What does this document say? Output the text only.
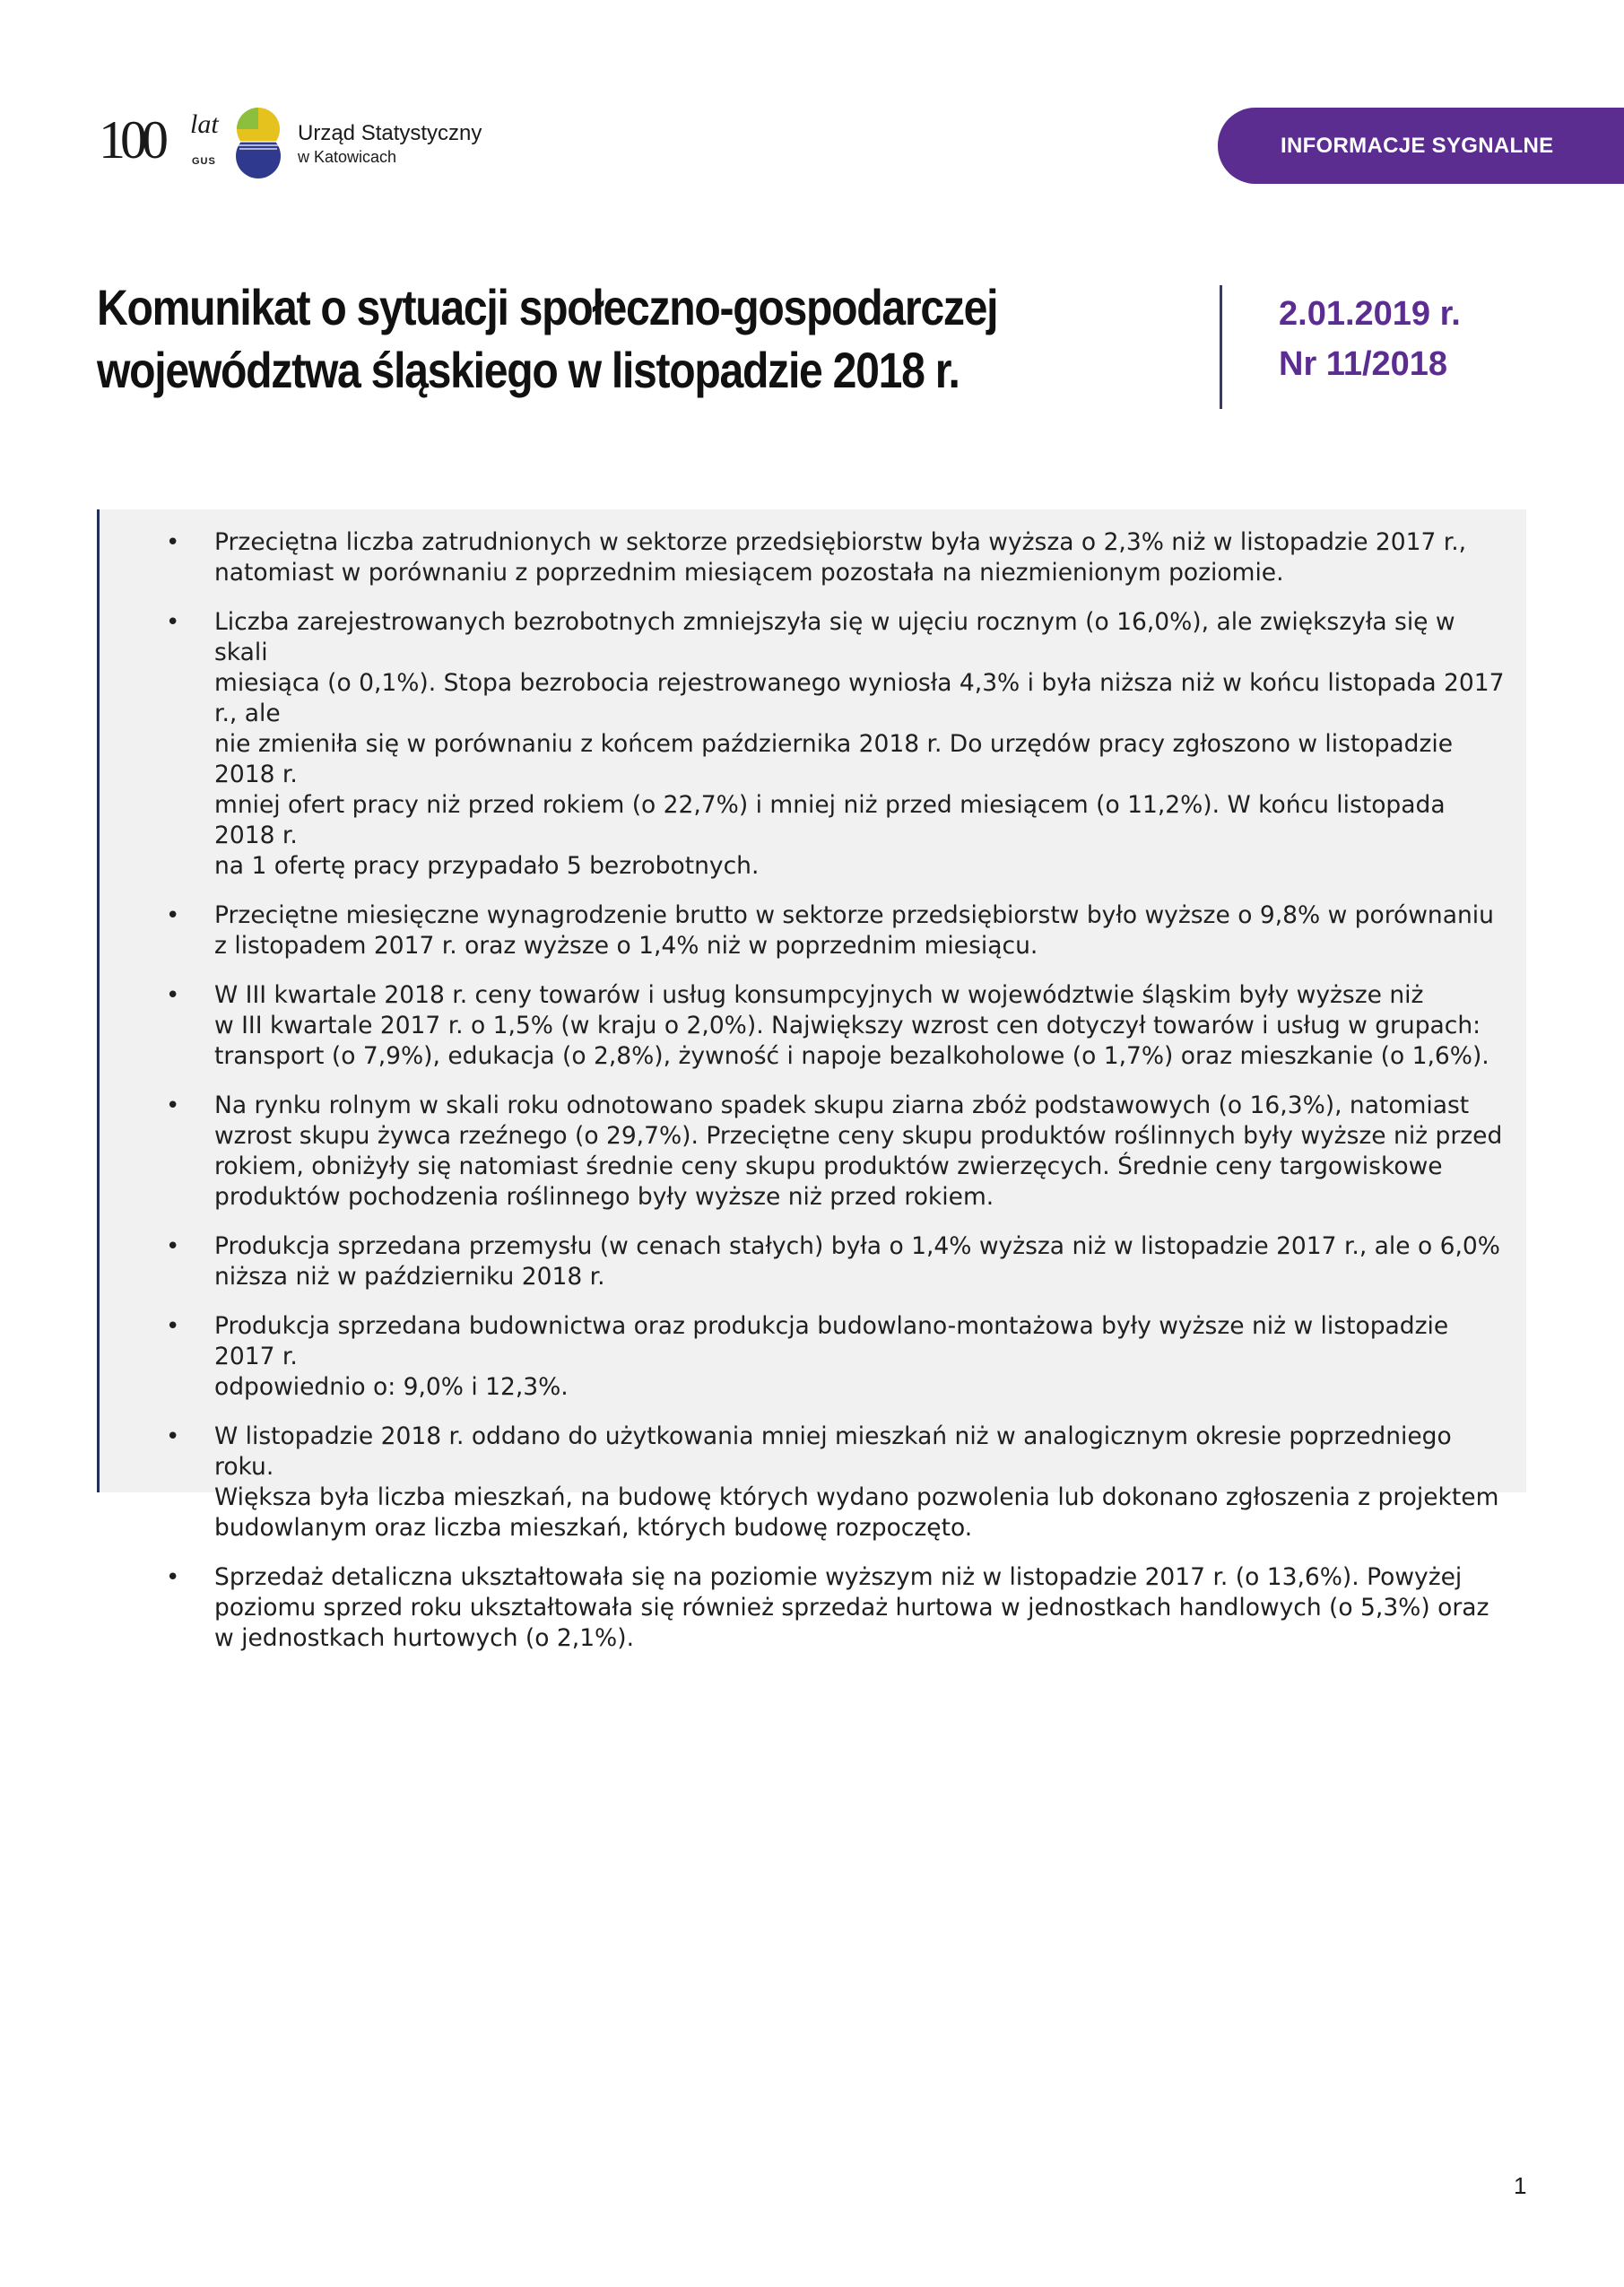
100 lat
GUS
Urząd Statystyczny
w Katowicach	INFORMACJE SYGNALNE
Komunikat o sytuacji społeczno-gospodarczej
województwa śląskiego w listopadzie 2018 r.
2.01.2019 r.
Nr 11/2018
• Przeciętna liczba zatrudnionych w sektorze przedsiębiorstw była wyższa o 2,3% niż w listopadzie 2017 r.,
natomiast w porównaniu z poprzednim miesiącem pozostała na niezmienionym poziomie.
• Liczba zarejestrowanych bezrobotnych zmniejszyła się w ujęciu rocznym (o 16,0%), ale zwiększyła się w skali
miesiąca (o 0,1%). Stopa bezrobocia rejestrowanego wyniosła 4,3% i była niższa niż w końcu listopada 2017 r., ale
nie zmieniła się w porównaniu z końcem października 2018 r. Do urzędów pracy zgłoszono w listopadzie 2018 r.
mniej ofert pracy niż przed rokiem (o 22,7%) i mniej niż przed miesiącem (o 11,2%). W końcu listopada 2018 r.
na 1 ofertę pracy przypadało 5 bezrobotnych.
• Przeciętne miesięczne wynagrodzenie brutto w sektorze przedsiębiorstw było wyższe o 9,8% w porównaniu
z listopadem 2017 r. oraz wyższe o 1,4% niż w poprzednim miesiącu.
• W III kwartale 2018 r. ceny towarów i usług konsumpcyjnych w województwie śląskim były wyższe niż
w III kwartale 2017 r. o 1,5% (w kraju o 2,0%). Największy wzrost cen dotyczył towarów i usług w grupach:
transport (o 7,9%), edukacja (o 2,8%), żywność i napoje bezalkoholowe (o 1,7%) oraz mieszkanie (o 1,6%).
• Na rynku rolnym w skali roku odnotowano spadek skupu ziarna zbóż podstawowych (o 16,3%), natomiast
wzrost skupu żywca rzeźnego (o 29,7%). Przeciętne ceny skupu produktów roślinnych były wyższe niż przed
rokiem, obniżyły się natomiast średnie ceny skupu produktów zwierzęcych. Średnie ceny targowiskowe
produktów pochodzenia roślinnego były wyższe niż przed rokiem.
• Produkcja sprzedana przemysłu (w cenach stałych) była o 1,4% wyższa niż w listopadzie 2017 r., ale o 6,0%
niższa niż w październiku 2018 r.
• Produkcja sprzedana budownictwa oraz produkcja budowlano-montażowa były wyższe niż w listopadzie 2017 r.
odpowiednio o: 9,0% i 12,3%.
• W listopadzie 2018 r. oddano do użytkowania mniej mieszkań niż w analogicznym okresie poprzedniego roku.
Większa była liczba mieszkań, na budowę których wydano pozwolenia lub dokonano zgłoszenia z projektem
budowlanym oraz liczba mieszkań, których budowę rozpoczęto.
• Sprzedaż detaliczna ukształtowała się na poziomie wyższym niż w listopadzie 2017 r. (o 13,6%). Powyżej
poziomu sprzed roku ukształtowała się również sprzedaż hurtowa w jednostkach handlowych (o 5,3%) oraz
w jednostkach hurtowych (o 2,1%).
1
